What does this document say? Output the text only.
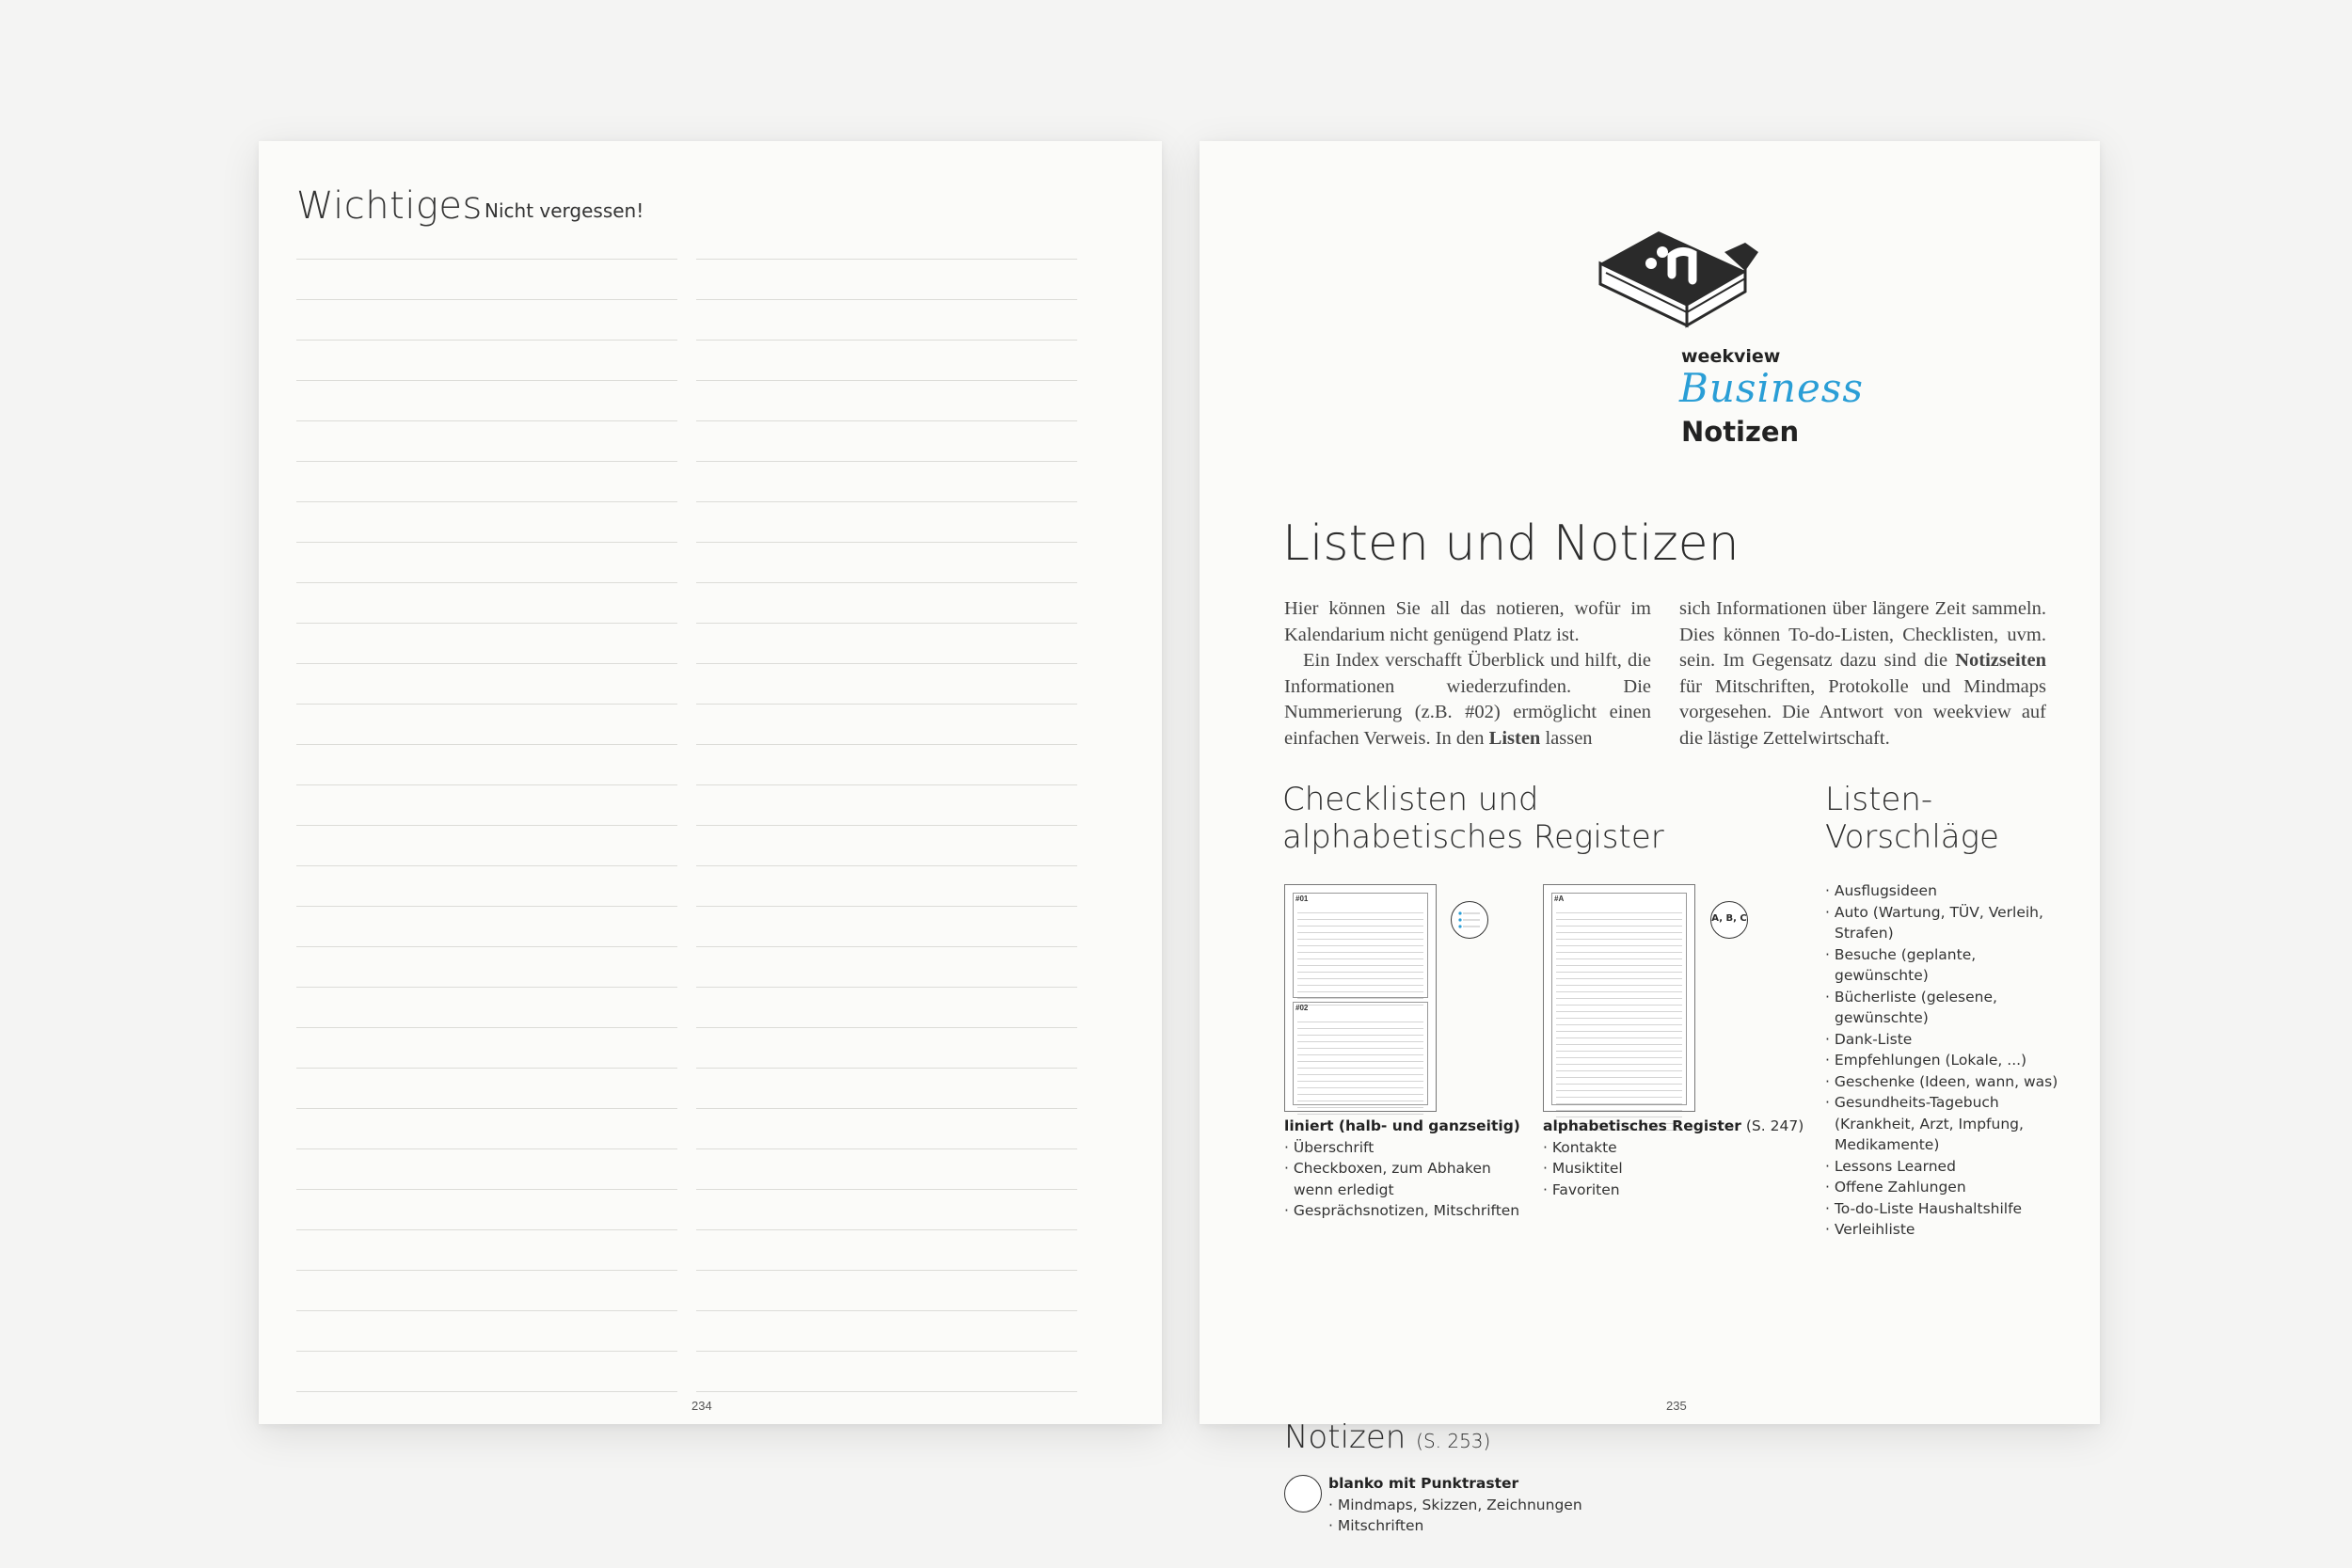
Wichtiges Nicht vergessen!
234
weekview
Business
Notizen
Listen und Notizen

Hier können Sie all das notieren, wofür im Kalendarium nicht genügend Platz ist.

Ein Index verschafft Überblick und hilft, die Informationen wiederzufinden. Die Nummerierung (z.B. #02) ermöglicht einen einfachen Verweis. In den Listen lassen

sich Informationen über längere Zeit sammeln. Dies können To-do-Listen, Checklisten, uvm. sein. Im Gegensatz dazu sind die Notizseiten für Mitschriften, Protokolle und Mindmaps vorgesehen. Die Antwort von weekview auf die lästige Zettelwirtschaft.

Checklisten und
alphabetisches Register
Listen-
Vorschläge
#01
#02
#A
A, B, C
liniert (halb- und ganzseitig)
· Überschrift
· Checkboxen, zum Abhaken wenn erledigt
· Gesprächsnotizen, Mitschriften
alphabetisches Register (S. 247)
· Kontakte
· Musiktitel
· Favoriten
· Ausflugsideen
· Auto (Wartung, TÜV, Verleih, Strafen)
· Besuche (geplante, gewünschte)
· Bücherliste (gelesene, gewünschte)
· Dank-Liste
· Empfehlungen (Lokale, ...)
· Geschenke (Ideen, wann, was)
· Gesundheits-Tagebuch (Krankheit, Arzt, Impfung, Medikamente)
· Lessons Learned
· Offene Zahlungen
· To-do-Liste Haushaltshilfe
· Verleihliste
Notizen (S. 253)
blanko mit Punktraster
· Mindmaps, Skizzen, Zeichnungen
· Mitschriften
235
